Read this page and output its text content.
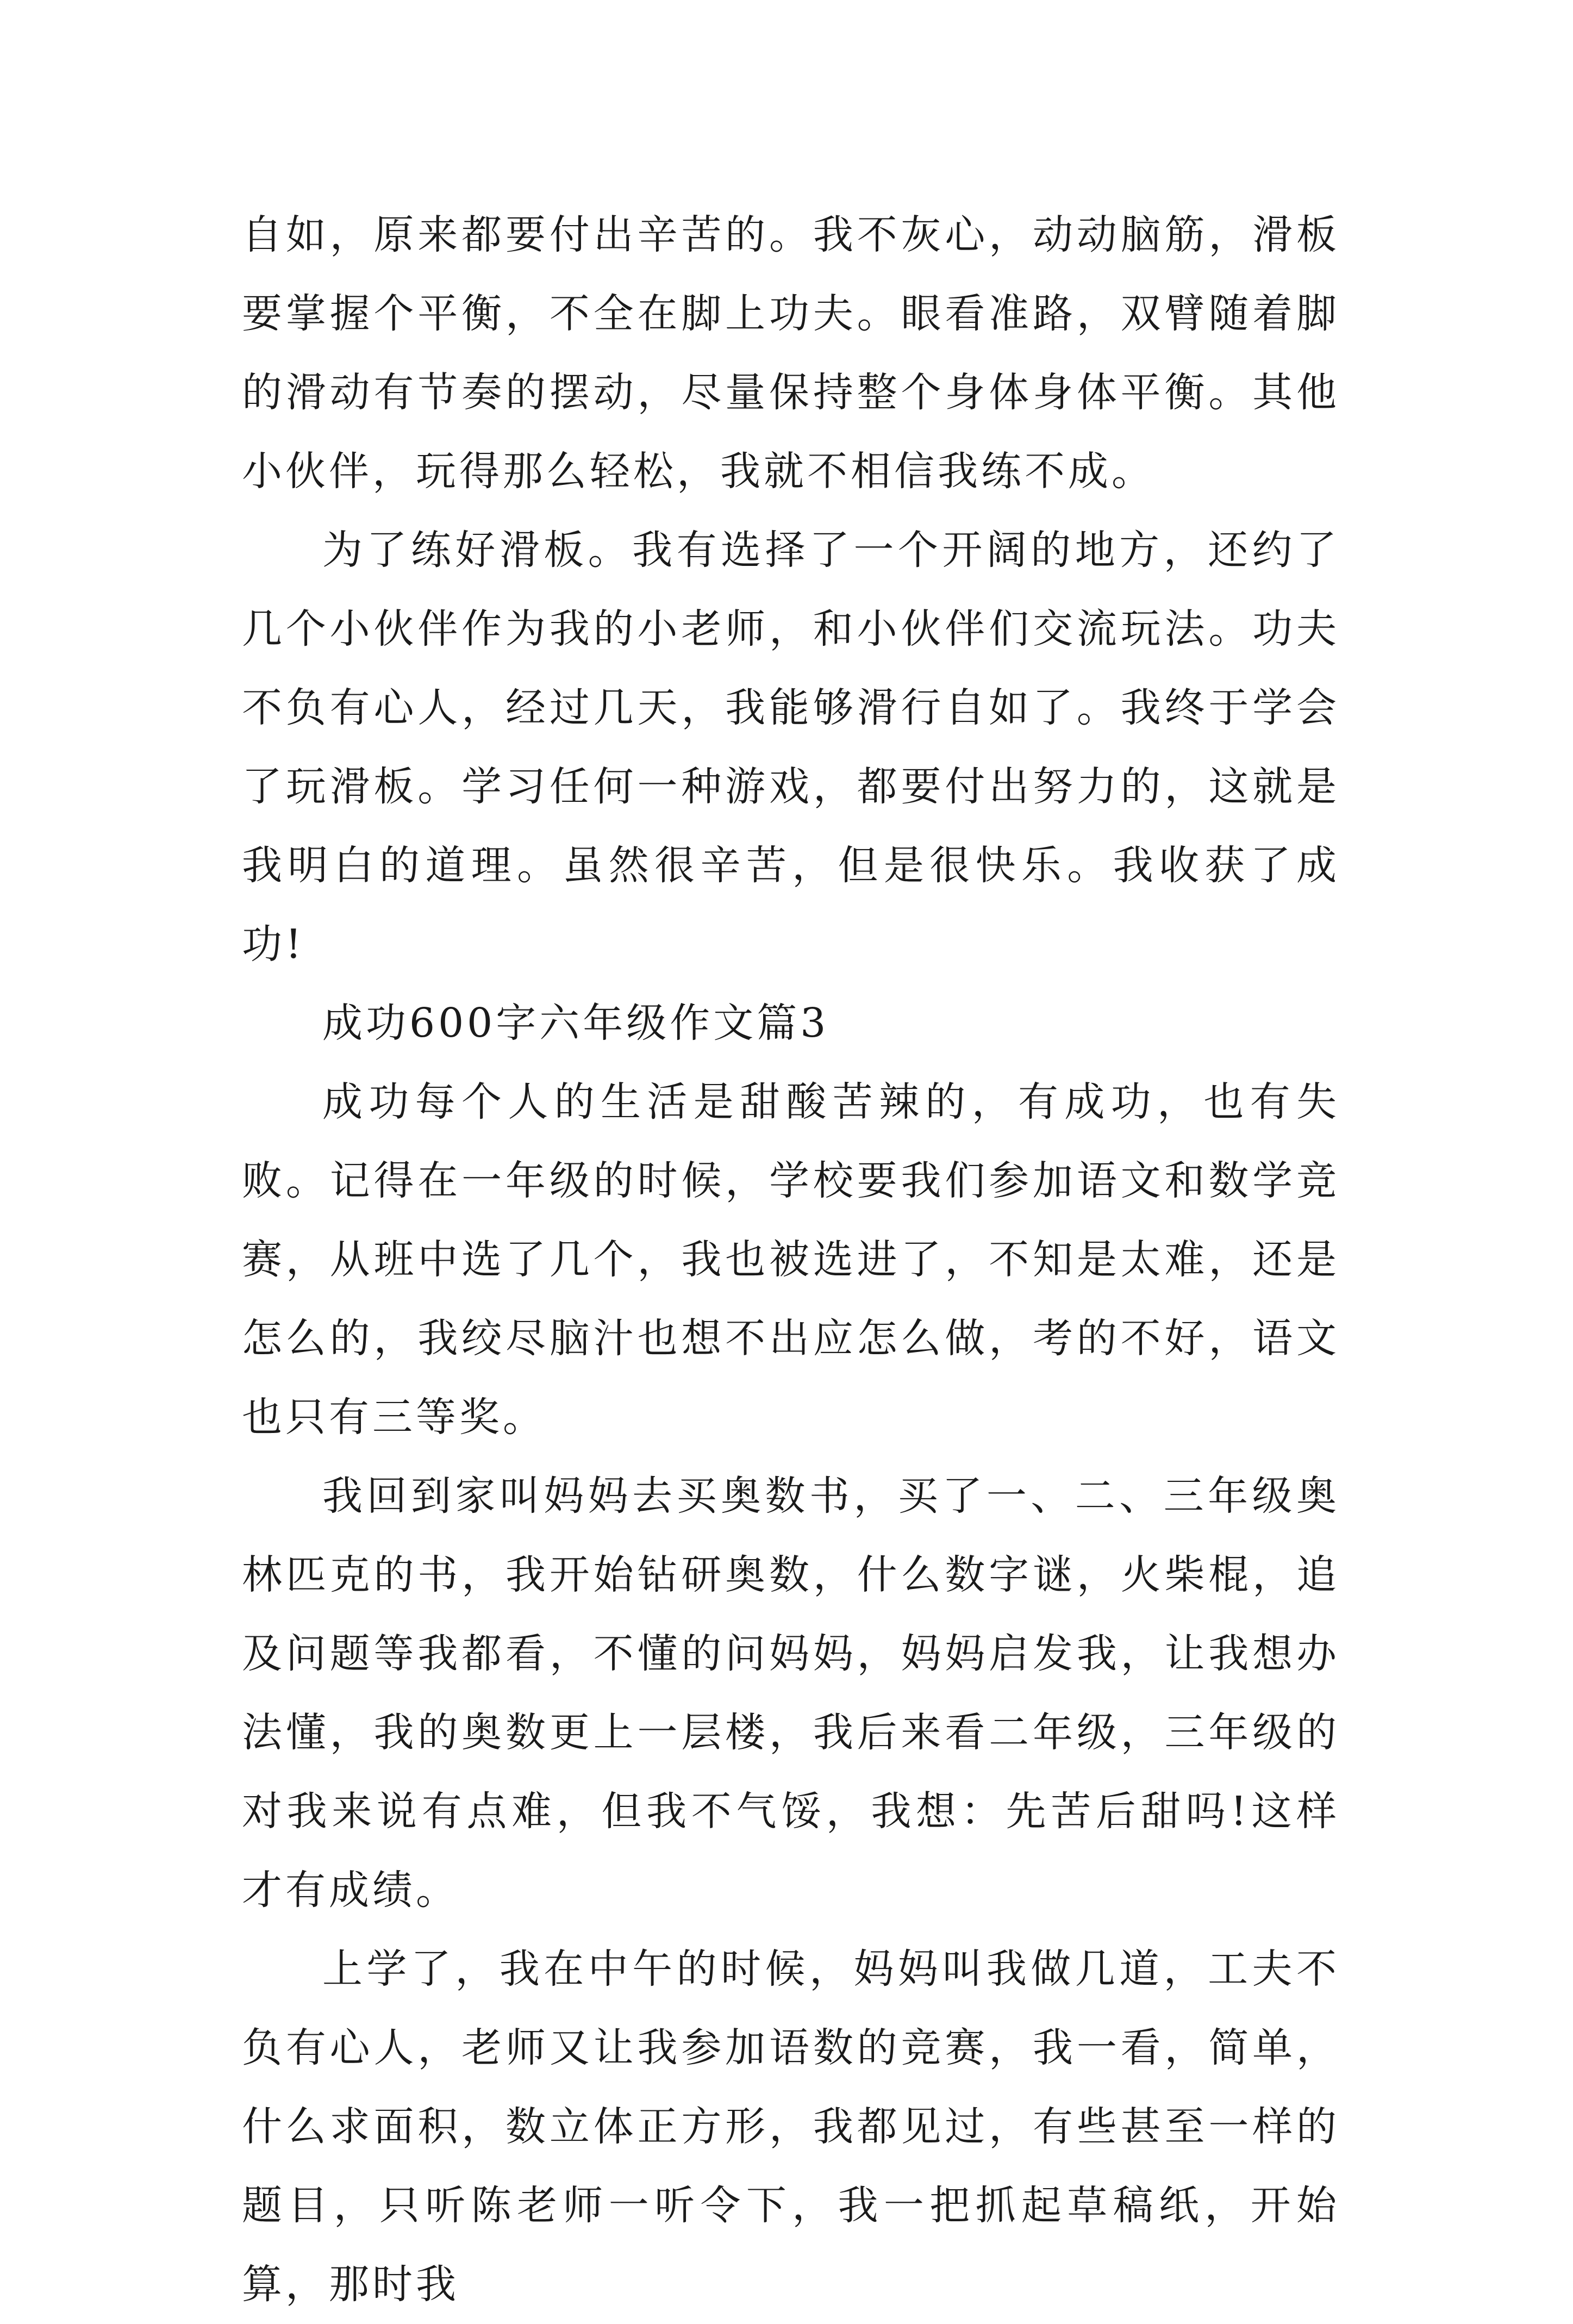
自如，原来都要付出辛苦的。我不灰心，动动脑筋，滑板要掌握个平衡，不全在脚上功夫。眼看准路，双臂随着脚的滑动有节奏的摆动，尽量保持整个身体身体平衡。其他小伙伴，玩得那么轻松，我就不相信我练不成。

为了练好滑板。我有选择了一个开阔的地方，还约了几个小伙伴作为我的小老师，和小伙伴们交流玩法。功夫不负有心人，经过几天，我能够滑行自如了。我终于学会了玩滑板。学习任何一种游戏，都要付出努力的，这就是我明白的道理。虽然很辛苦，但是很快乐。我收获了成功!

成功600字六年级作文篇3

成功每个人的生活是甜酸苦辣的，有成功，也有失败。记得在一年级的时候，学校要我们参加语文和数学竞赛，从班中选了几个，我也被选进了，不知是太难，还是怎么的，我绞尽脑汁也想不出应怎么做，考的不好，语文也只有三等奖。

我回到家叫妈妈去买奥数书，买了一、二、三年级奥林匹克的书，我开始钻研奥数，什么数字谜，火柴棍，追及问题等我都看，不懂的问妈妈，妈妈启发我，让我想办法懂，我的奥数更上一层楼，我后来看二年级，三年级的对我来说有点难，但我不气馁，我想：先苦后甜吗!这样才有成绩。

上学了，我在中午的时候，妈妈叫我做几道，工夫不负有心人，老师又让我参加语数的竞赛，我一看，简单，什么求面积，数立体正方形，我都见过，有些甚至一样的题目，只听陈老师一听令下，我一把抓起草稿纸，开始算，那时我
